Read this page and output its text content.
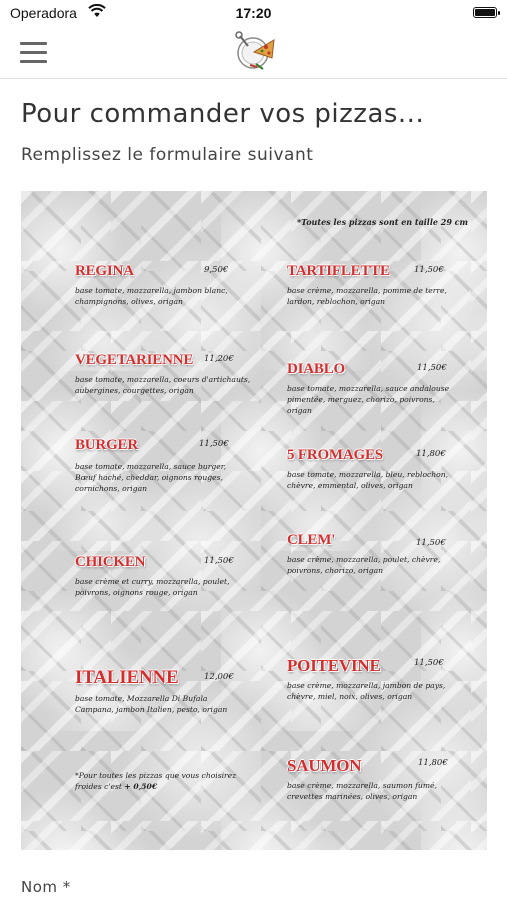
Operadora	17:20
Pour commander vos pizzas...
Remplissez le formulaire suivant
*Toutes les pizzas sont en taille 29 cm
REGINA	9,50€
base tomate, mozzarella, jambon blanc, champignons, olives, origan
VEGETARIENNE 11,20€
base tomate, mozzarella, coeurs d'artichauts, aubergines, courgettes, origan
BURGER	11,50€
base tomate, mozzarella, sauce burger, Bœuf haché, cheddar, oignons rouges, cornichons, origan
CHICKEN	11,50€
base crème et curry, mozzarella, poulet, poivrons, oignons rouge, origan
ITALIENNE	12,00€
base tomate, Mozzarella Di Bufala Campana, jambon Italien, pesto, origan
*Pour toutes les pizzas que vous choisirez froides c'est + 0,50€
TARTIFLETTE	11,50€
base crème, mozzarella, pomme de terre, lardon, reblochon, origan
DIABLO	11,50€
base tomate, mozzarella, sauce andalouse pimentée, merguez, chorizo, poivrons, origan
5 FROMAGES	11,80€
base tomate, mozzarella, bleu, reblochon, chèvre, emmental, olives, origan
CLEM'	11,50€
base crème, mozzarella, poulet, chèvre, poivrons, chorizo, origan
POITEVINE	11,50€
base crème, mozzarella, jambon de pays, chèvre, miel, noix, olives, origan
SAUMON	11,80€
base crème, mozzarella, saumon fumé, crevettes marinées, olives, origan
Nom *
